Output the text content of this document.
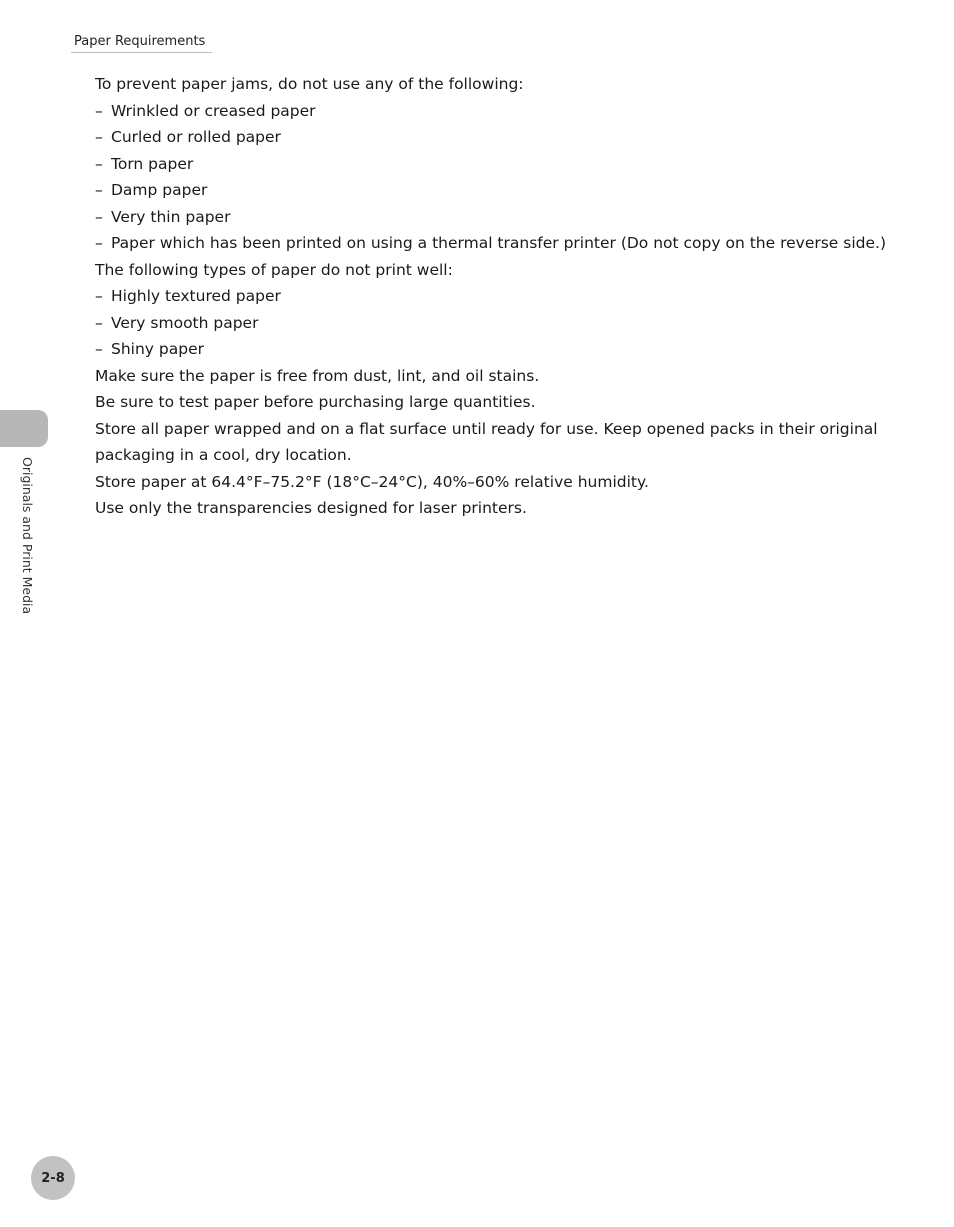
Paper Requirements
Originals and Print Media

To prevent paper jams, do not use any of the following:

– Wrinkled or creased paper

– Curled or rolled paper

– Torn paper

– Damp paper

– Very thin paper

– Paper which has been printed on using a thermal transfer printer (Do not copy on the reverse side.)

The following types of paper do not print well:

– Highly textured paper

– Very smooth paper

– Shiny paper

Make sure the paper is free from dust, lint, and oil stains.

Be sure to test paper before purchasing large quantities.

Store all paper wrapped and on a flat surface until ready for use. Keep opened packs in their original packaging in a cool, dry location.

Store paper at 64.4°F–75.2°F (18°C–24°C), 40%–60% relative humidity.

Use only the transparencies designed for laser printers.

2-8
